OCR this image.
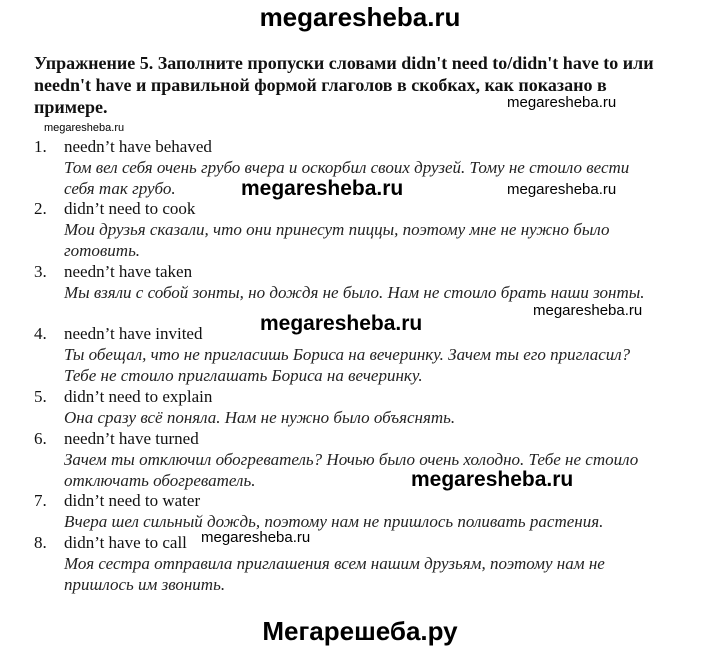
megaresheba.ru
Упражнение 5. Заполните пропуски словами didn't need to/didn't have to или needn't have и правильной формой глаголов в скобках, как показано в примере.
1. needn’t have behaved
Том вел себя очень грубо вчера и оскорбил своих друзей. Тому не стоило вести себя так грубо.
2. didn’t need to cook
Мои друзья сказали, что они принесут пиццы, поэтому мне не нужно было готовить.
3. needn’t have taken
Мы взяли с собой зонты, но дождя не было. Нам не стоило брать наши зонты.
4. needn’t have invited
Ты обещал, что не пригласишь Бориса на вечеринку. Зачем ты его пригласил? Тебе не стоило приглашать Бориса на вечеринку.
5. didn’t need to explain
Она сразу всё поняла. Нам не нужно было объяснять.
6. needn’t have turned
Зачем ты отключил обогреватель? Ночью было очень холодно. Тебе не стоило отключать обогреватель.
7. didn’t need to water
Вчера шел сильный дождь, поэтому нам не пришлось поливать растения.
8. didn’t have to call
Моя сестра отправила приглашения всем нашим друзьям, поэтому нам не пришлось им звонить.
megaresheba.ru
megaresheba.ru
megaresheba.ru	megaresheba.ru
megaresheba.ru
megaresheba.ru
megaresheba.ru
megaresheba.ru
Мегарешеба.ру
